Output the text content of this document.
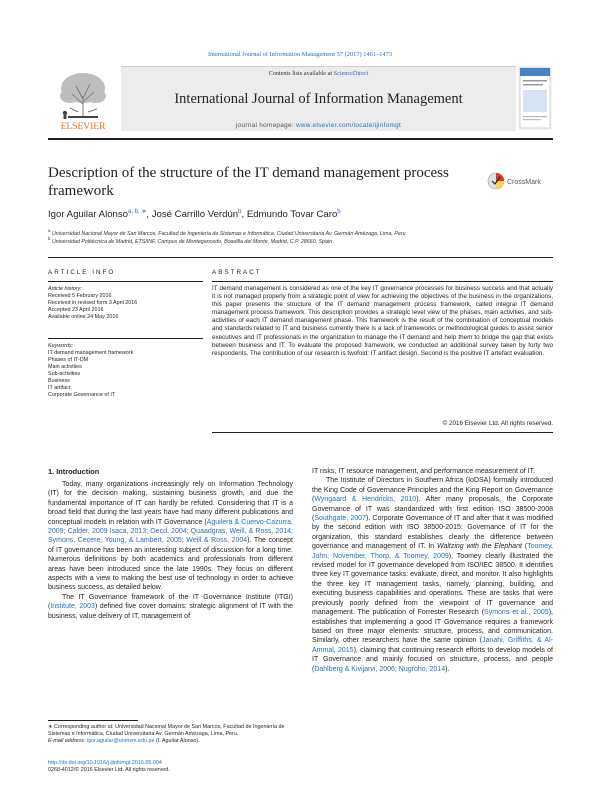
International Journal of Information Management 37 (2017) 1461–1473
ELSEVIER
Contents lists available at ScienceDirect
International Journal of Information Management
journal homepage: www.elsevier.com/locate/ijinfomgt
Description of the structure of the IT demand management process framework
CrossMark
Igor Aguilar Alonso$^{a, b, ∗}$, José Carrillo Verdún$^b$, Edmundo Tovar Caro$^b$
$^a$ Universidad Nacional Mayor de San Marcos, Facultad de Ingeniería de Sistemas e Informática, Ciudad Universitaria Av. Germán Amézaga, Lima, Peru
$^b$ Universidad Politécnica de Madrid, ETSIINF, Campus de Montegancedo, Boadilla del Monte, Madrid, C.P. 28660, Spain
ARTICLE INFO
Article history:
Received 5 February 2016
Received in revised form 3 April 2016
Accepted 23 April 2016
Available online 24 May 2016
Keywords:
IT demand management framework
Phases of IT-DM
Main activities
Sub-activities
Business
IT artifact
Corporate Governance of IT
ABSTRACT
IT demand management is considered as one of the key IT governance processes for business success and that actually it is not managed properly from a strategic point of view for achieving the objectives of the business in the organizations, this paper presents the structure of the IT demand management process framework, called integral IT demand management process framework. This description provides a strategic level view of the phases, main activities, and sub-activities of each IT demand management phase. This framework is the result of the combination of conceptual models and standards related to IT and business currently there is a lack of frameworks or methodological guides to assist senior executives and IT professionals in the organization to manage the IT demand and help them to bridge the gap that exists between business and IT. To evaluate the proposed framework, we conducted an additional survey taken by forty two respondents. The contribution of our research is twofold: IT artifact design. Second is the positive IT artefact evaluation.
© 2016 Elsevier Ltd. All rights reserved.
1. Introduction

Today, many organizations increasingly rely on Information Technology (IT) for the decision making, sustaining business growth, and due the fundamental importance of IT can hardly be refuted. Considering that IT is a broad field that during the last years have had many different publications and conceptual models in relation with IT Governance (Aguilera & Cuervo-Cazurra, 2009; Calder, 2009 Isaca, 2013; Oecd, 2004; Quaadgras, Weill, & Ross, 2014; Symons, Cecere, Young, & Lambert, 2005; Weill & Ross, 2004). The concept of IT governance has been an interesting subject of discussion for a long time. Numerous definitions by both academics and professionals from different areas have been introduced since the late 1990s. They focus on different aspects with a view to making the best use of technology in order to achieve business success, as detailed below.

The IT Governance framework of the IT Governance Institute (ITGI) (Institute, 2003) defined five cover domains: strategic alignment of IT with the business, value delivery of IT, management of

IT risks, IT resource management, and performance measurement of IT.

The Institute of Directors in Southern Africa (IoDSA) formally introduced the King Code of Governance Principles and the King Report on Governance (Wyngaard & Hendricks, 2010). After many proposals, the Corporate Governance of IT was standardized with first edition ISO 38500-2008 (Southgate, 2007). Corporate Governance of IT and after that it was modified by the second edition with ISO 38500-2015: Governance of IT for the organization, this standard establishes clearly the difference between governance and management of IT. In Waltzing with the Elephant (Toomey, John, November, Thorp, & Toomey, 2009), Toomey clearly illustrated the revised model for IT governance developed from ISO/IEC 38500. It identifies three key IT governance tasks: evaluate, direct, and monitor. It also highlights the three key IT management tasks, namely, planning, building, and executing business capabilities and operations. These are tasks that were previously poorly defined from the viewpoint of IT governance and management. The publication of Forrester Research (Symons et al., 2005), establishes that implementing a good IT Governance requires a framework based on three major elements: structure, process, and communication. Similarly, other researchers have the same opinion (Janahi, Griffiths, & Al-Ammal, 2015), claiming that continuing research efforts to develop models of IT Governance and mainly focused on structure, process, and people (Dahlberg & Kivijarvi, 2006; Nugroho, 2014).

∗ Corresponding author at: Universidad Nacional Mayor de San Marcos, Facultad de Ingeniería de Sistemas e Informática, Ciudad Universitaria Av. Germán Amézaga, Lima, Peru.
E-mail address: igor.aguilar@unmsm.edu.pe (I. Aguilar Alonso).
http://dx.doi.org/10.1016/j.ijinfomgt.2016.05.004
0268-4012/© 2016 Elsevier Ltd. All rights reserved.
